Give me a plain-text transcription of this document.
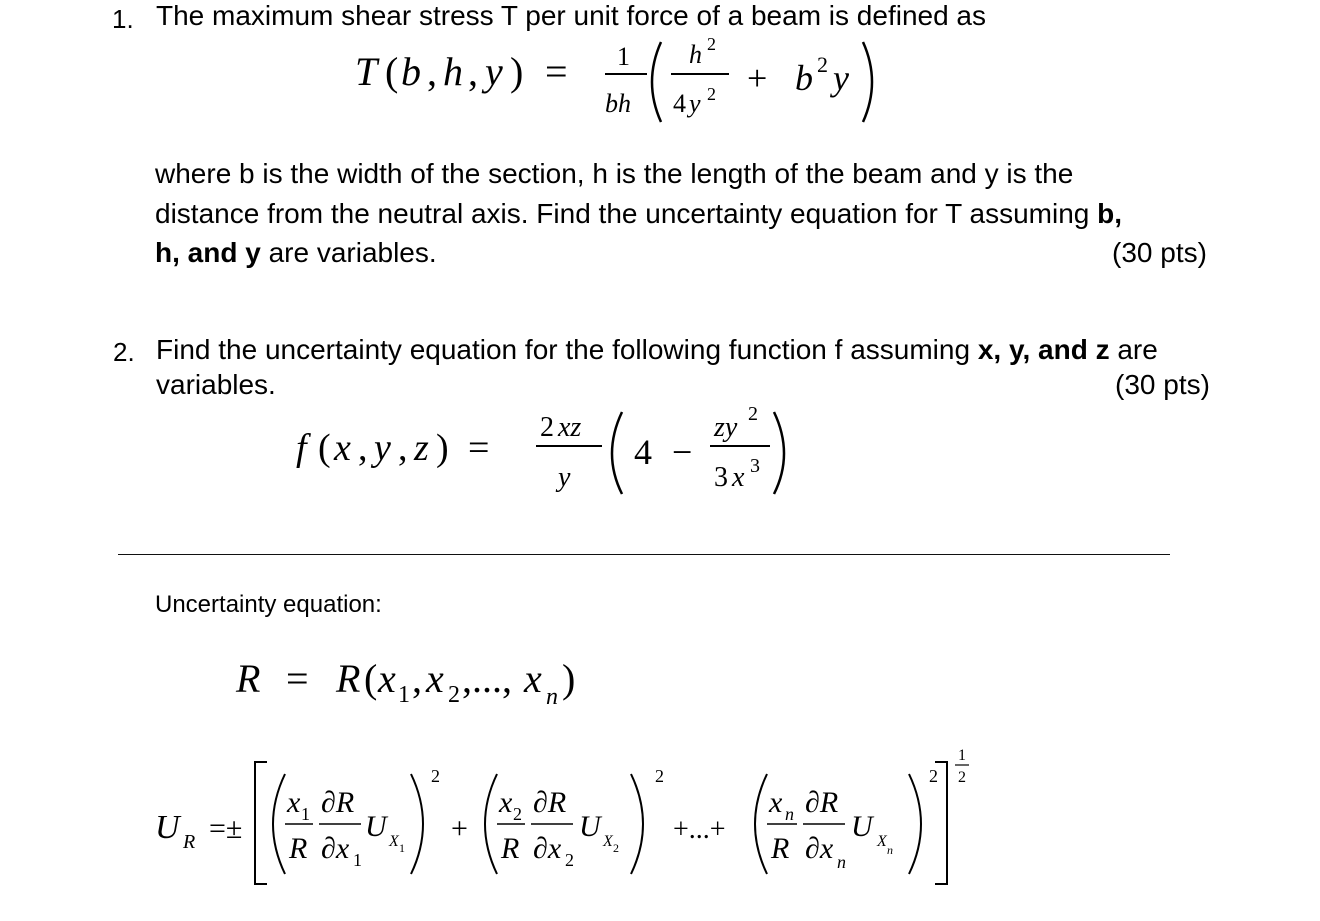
1. The maximum shear stress T per unit force of a beam is defined as
T ( b , h , y ) = 1
bh
h 2
4 y 2 + b 2 y
where b is the width of the section, h is the length of the beam and y is the
distance from the neutral axis. Find the uncertainty equation for T assuming b,
h, and y are variables.	(30 pts)
2. Find the uncertainty equation for the following function f assuming x, y, and z are
variables.	(30 pts)
f ( x , y , z ) = 2 xz
y
4 −
zy 2
3 x 3
Uncertainty equation:
R = R ( x 1 , x 2 ,..., x n )
U R =±
x 1
R
∂R
∂x 1
U X 1
2
+
x 2
R
∂R
∂x 2
U X 2
2
+...+
x n
R
∂R
∂x n
U X n
2
1
2
